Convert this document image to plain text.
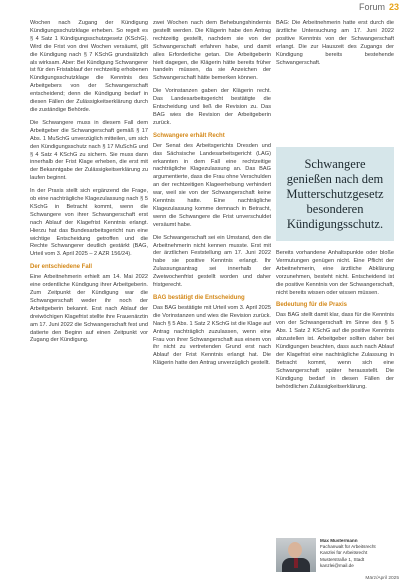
Forum 23

Wochen nach Zugang der Kündigung Kündigungsschutzklage erheben. So regelt es § 4 Satz 1 Kündigungsschutzgesetz (KSchG). Wird die Frist von drei Wochen versäumt, gilt die Kündigung nach § 7 KSchG grundsätzlich als wirksam. Aber: Bei Kündigung Schwangerer ist für den Fristablauf der rechtzeitig erhobenen Kündigungsschutzklage die Kenntnis des Arbeitgebers von der Schwangerschaft entscheidend; denn die Kündigung bedarf in diesen Fällen der Zulässigkeitserklärung durch die zuständige Behörde.

Die Schwangere muss in diesem Fall dem Arbeitgeber die Schwangerschaft gemäß § 17 Abs. 1 MuSchG unverzüglich mitteilen, um sich den Kündigungsschutz nach § 17 MuSchG und § 4 Satz 4 KSchG zu sichern. Sie muss dann innerhalb der Frist Klage erheben, die erst mit der Bekanntgabe der Zulässigkeitserklärung zu laufen beginnt.

In der Praxis stellt sich ergänzend die Frage, ob eine nachträgliche Klagezulassung nach § 5 KSchG in Betracht kommt, wenn die Schwangere von ihrer Schwangerschaft erst nach Ablauf der Klagefrist Kenntnis erlangt. Hierzu hat das Bundesarbeitsgericht nun eine wichtige Entscheidung getroffen und die Rechte Schwangerer deutlich gestärkt (BAG, Urteil vom 3. April 2025 – 2 AZR 156/24).

Der entschiedene Fall

Eine Arbeitnehmerin erhielt am 14. Mai 2022 eine ordentliche Kündigung ihrer Arbeitgeberin. Zum Zeitpunkt der Kündigung war die Schwangerschaft weder ihr noch der Arbeitgeberin bekannt. Erst nach Ablauf der dreiwöchigen Klagefrist stellte ihre Frauenärztin am 17. Juni 2022 die Schwangerschaft fest und datierte den Beginn auf einen Zeitpunkt vor Zugang der Kündigung.

zwei Wochen nach dem Behebungshindernis gestellt werden. Die Klägerin habe den Antrag rechtzeitig gestellt, nachdem sie von der Schwangerschaft erfahren habe, und damit alles Erforderliche getan. Die Arbeitgeberin hielt dagegen, die Klägerin hätte bereits früher handeln müssen, da sie Anzeichen der Schwangerschaft hätte bemerken können.

Die Vorinstanzen gaben der Klägerin recht. Das Landesarbeitsgericht bestätigte die Entscheidung und ließ die Revision zu. Das BAG wies die Revision der Arbeitgeberin zurück.

Schwangere erhält Recht

Der Senat des Arbeitsgerichts Dresden und das Sächsische Landesarbeitsgericht (LAG) erkannten in dem Fall eine rechtzeitige nachträgliche Klagezulassung an. Das BAG argumentierte, dass die Frau ohne Verschulden an der rechtzeitigen Klageerhebung verhindert war, weil sie von der Schwangerschaft keine Kenntnis hatte. Eine nachträgliche Klagezulassung komme demnach in Betracht, wenn die Schwangere die Frist unverschuldet versäumt habe.

Die Schwangerschaft sei ein Umstand, den die Arbeitnehmerin nicht kennen musste. Erst mit der ärztlichen Feststellung am 17. Juni 2022 habe sie positive Kenntnis erlangt. Ihr Zulassungsantrag sei innerhalb der Zweiwochenfrist gestellt worden und daher fristgerecht.

BAG bestätigt die Entscheidung

Das BAG bestätigte mit Urteil vom 3. April 2025 die Vorinstanzen und wies die Revision zurück. Nach § 5 Abs. 1 Satz 2 KSchG ist die Klage auf Antrag nachträglich zuzulassen, wenn eine Frau von ihrer Schwangerschaft aus einem von ihr nicht zu vertretenden Grund erst nach Ablauf der Frist Kenntnis erlangt hat. Die Klägerin hatte den Antrag unverzüglich gestellt.

BAG: Die Arbeitnehmerin hatte erst durch die ärztliche Untersuchung am 17. Juni 2022 positive Kenntnis von der Schwangerschaft erlangt. Die zur Hauszeit des Zugangs der Kündigung bereits bestehende Schwangerschaft.

Schwangere genießen nach dem Mutterschutzgesetz besonderen Kündigungsschutz.

Bereits vorhandene Anhaltspunkte oder bloße Vermutungen genügen nicht. Eine Pflicht der Arbeitnehmerin, eine ärztliche Abklärung vorzunehmen, besteht nicht. Entscheidend ist die positive Kenntnis von der Schwangerschaft, nicht bereits wissen oder wissen müssen.

Bedeutung für die Praxis

Das BAG stellt damit klar, dass für die Kenntnis von der Schwangerschaft im Sinne des § 5 Abs. 1 Satz 2 KSchG auf die positive Kenntnis abzustellen ist. Arbeitgeber sollten daher bei Kündigungen beachten, dass auch nach Ablauf der Klagefrist eine nachträgliche Zulassung in Betracht kommt, wenn sich eine Schwangerschaft später herausstellt. Die Kündigung bedarf in diesen Fällen der behördlichen Zulässigkeitserklärung.

Max Mustermann
Fachanwalt für Arbeitsrecht
Kanzlei für Arbeitsrecht
Musterstraße 1, Stadt
kanzlei@mail.de
März/April 2025
